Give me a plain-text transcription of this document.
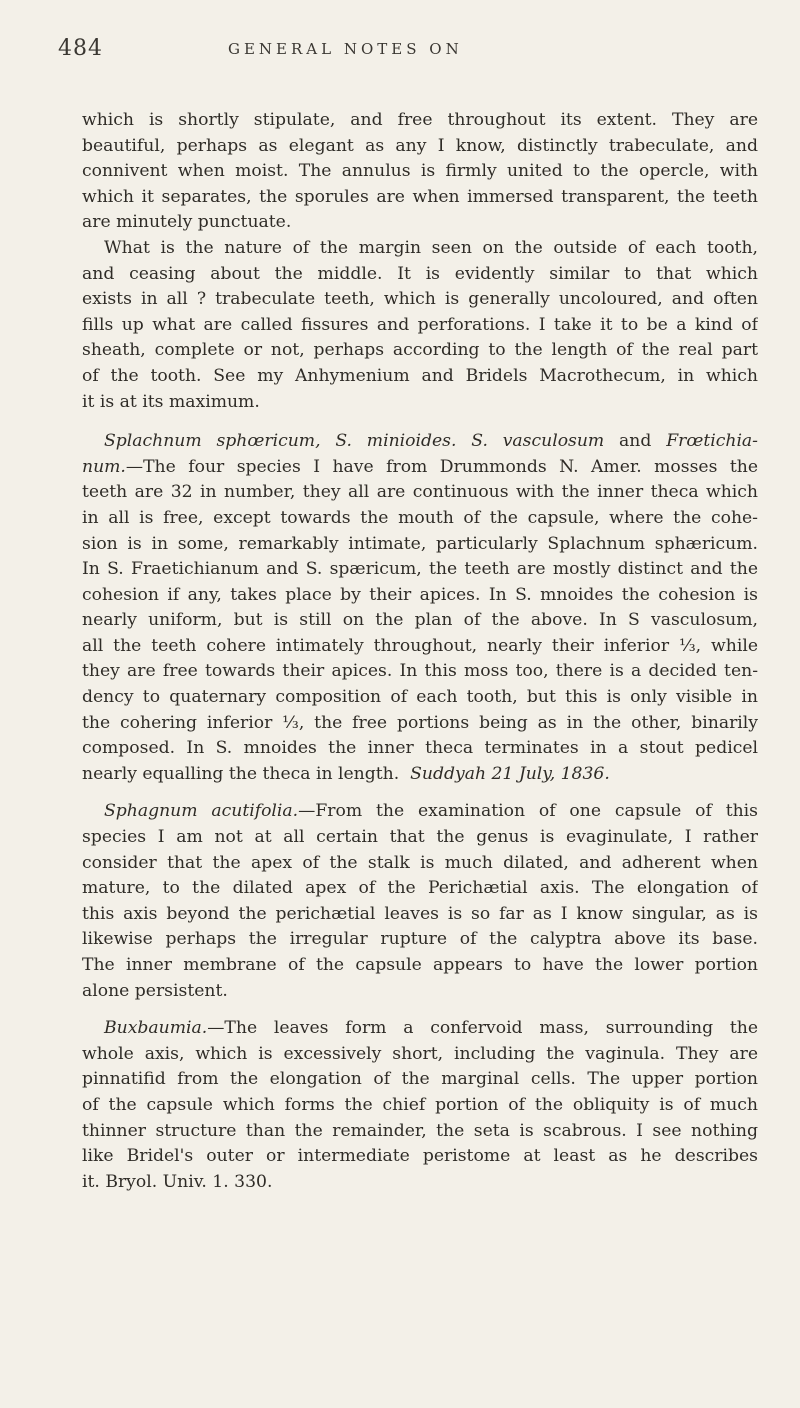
484	GENERAL NOTES ON
which is shortly stipulate, and free throughout its extent. They are
beautiful, perhaps as elegant as any I know, distinctly trabeculate, and
connivent when moist. The annulus is firmly united to the opercle, with
which it separates, the sporules are when immersed transparent, the teeth
are minutely punctuate.
What is the nature of the margin seen on the outside of each tooth,
and ceasing about the middle. It is evidently similar to that which
exists in all ? trabeculate teeth, which is generally uncoloured, and often
fills up what are called fissures and perforations. I take it to be a kind of
sheath, complete or not, perhaps according to the length of the real part
of the tooth. See my Anhymenium and Bridels Macrothecum, in which
it is at its maximum.
Splachnum sphœricum, S. minioides. S. vasculosum and Frœtichia-
num.—The four species I have from Drummonds N. Amer. mosses the
teeth are 32 in number, they all are continuous with the inner theca which
in all is free, except towards the mouth of the capsule, where the cohe-
sion is in some, remarkably intimate, particularly Splachnum sphæricum.
In S. Fraetichianum and S. spæricum, the teeth are mostly distinct and the
cohesion if any, takes place by their apices. In S. mnoides the cohesion is
nearly uniform, but is still on the plan of the above. In S vasculosum,
all the teeth cohere intimately throughout, nearly their inferior ⅓, while
they are free towards their apices. In this moss too, there is a decided ten-
dency to quaternary composition of each tooth, but this is only visible in
the cohering inferior ⅓, the free portions being as in the other, binarily
composed. In S. mnoides the inner theca terminates in a stout pedicel
nearly equalling the theca in length. Suddyah 21 July, 1836.
Sphagnum acutifolia.—From the examination of one capsule of this
species I am not at all certain that the genus is evaginulate, I rather
consider that the apex of the stalk is much dilated, and adherent when
mature, to the dilated apex of the Perichætial axis. The elongation of
this axis beyond the perichætial leaves is so far as I know singular, as is
likewise perhaps the irregular rupture of the calyptra above its base.
The inner membrane of the capsule appears to have the lower portion
alone persistent.
Buxbaumia.—The leaves form a confervoid mass, surrounding the
whole axis, which is excessively short, including the vaginula. They are
pinnatifid from the elongation of the marginal cells. The upper portion
of the capsule which forms the chief portion of the obliquity is of much
thinner structure than the remainder, the seta is scabrous. I see nothing
like Bridel's outer or intermediate peristome at least as he describes
it. Bryol. Univ. 1. 330.
